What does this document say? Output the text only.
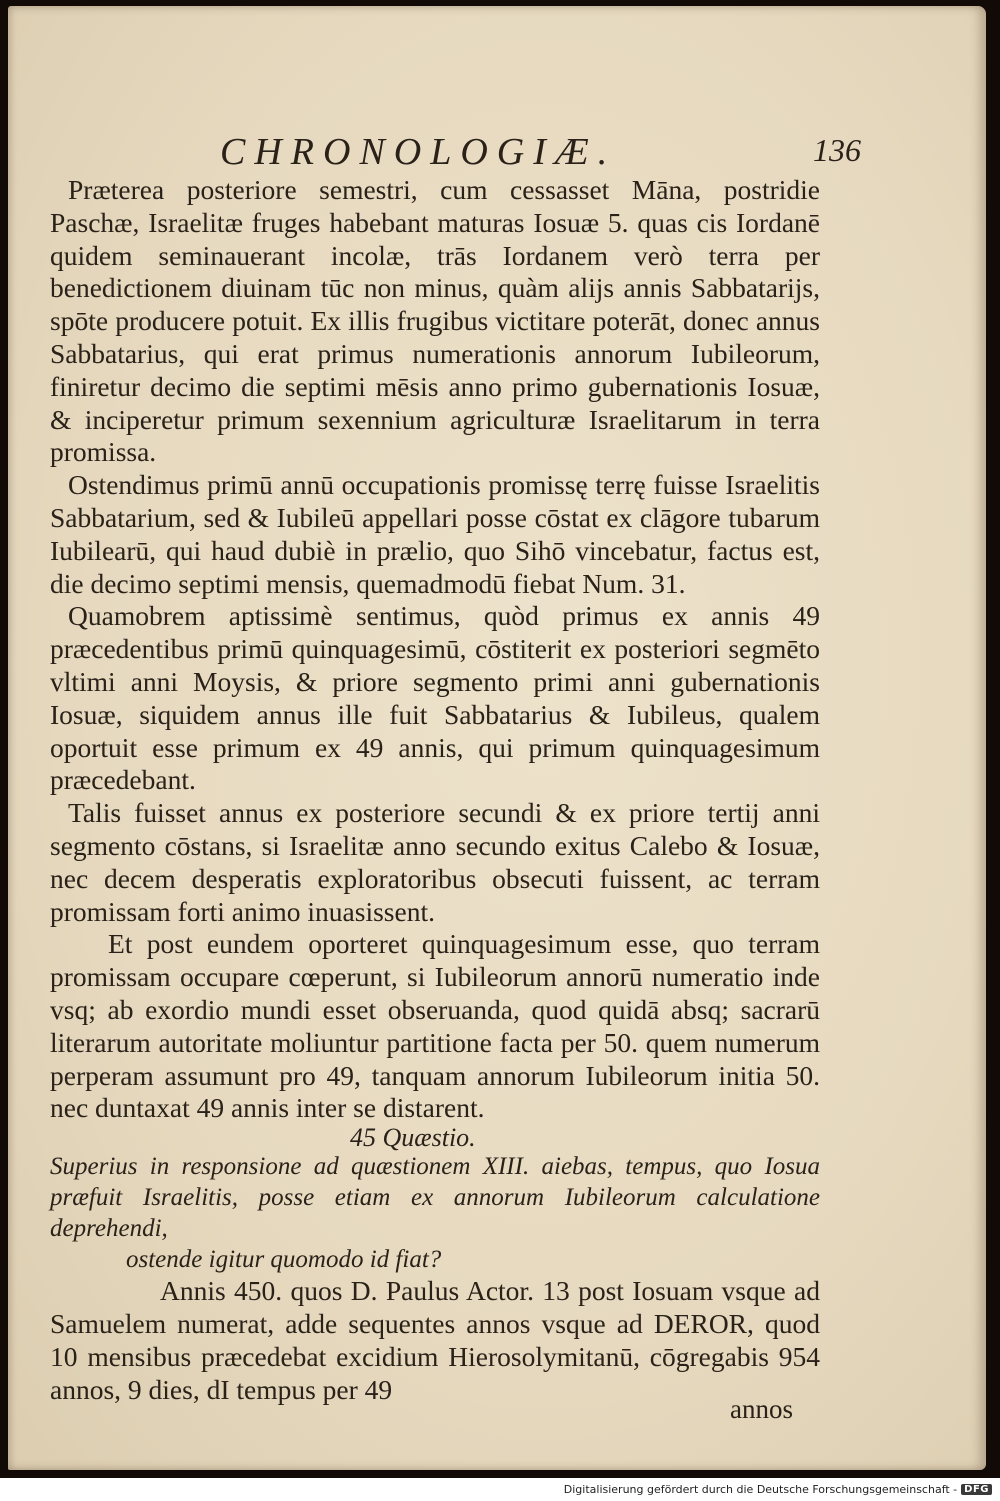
CHRONOLOGIÆ.	136

Præterea posteriore semestri, cum cessasset Māna, postridie Paschæ, Israelitæ fruges habebant maturas Iosuæ 5. quas cis Iordanē quidem seminauerant incolæ, trās Iordanem verò terra per benedictionem diuinam tūc non minus, quàm alijs annis Sabbatarijs, spōte producere potuit. Ex illis frugibus victitare poterāt, donec annus Sabbatarius, qui erat primus numerationis annorum Iubileorum, finiretur decimo die septimi mēsis anno primo gubernationis Iosuæ, & inciperetur primum sexennium agriculturæ Israelitarum in terra promissa.

Ostendimus primū annū occupationis promissę terrę fuisse Israelitis Sabbatarium, sed & Iubileū appellari posse cōstat ex clāgore tubarum Iubilearū, qui haud dubiè in prælio, quo Sihō vincebatur, factus est, die decimo septimi mensis, quemadmodū fiebat Num. 31.

Quamobrem aptissimè sentimus, quòd primus ex annis 49 præcedentibus primū quinquagesimū, cōstiterit ex posteriori segmēto vltimi anni Moysis, & priore segmento primi anni gubernationis Iosuæ, siquidem annus ille fuit Sabbatarius & Iubileus, qualem oportuit esse primum ex 49 annis, qui primum quinquagesimum præcedebant.

Talis fuisset annus ex posteriore secundi & ex priore tertij anni segmento cōstans, si Israelitæ anno secundo exitus Calebo & Iosuæ, nec decem desperatis exploratoribus obsecuti fuissent, ac terram promissam forti animo inuasissent.

Et post eundem oporteret quinquagesimum esse, quo terram promissam occupare cœperunt, si Iubileorum annorū numeratio inde vsq; ab exordio mundi esset obseruanda, quod quidā absq; sacrarū literarum autoritate moliuntur partitione facta per 50. quem numerum perperam assumunt pro 49, tanquam annorum Iubileorum initia 50. nec duntaxat 49 annis inter se distarent.

45 Quæstio.

Superius in responsione ad quæstionem XIII. aiebas, tempus, quo Iosua præfuit Israelitis, posse etiam ex annorum Iubileorum calculatione deprehendi,
ostende igitur quomodo id fiat?

Annis 450. quos D. Paulus Actor. 13 post Iosuam vsque ad Samuelem numerat, adde sequentes annos vsque ad DEROR, quod 10 mensibus præcedebat excidium Hierosolymitanū, cōgregabis 954 annos, 9 dies, dI tempus per 49

annos
Digitalisierung gefördert durch die Deutsche Forschungsgemeinschaft - DFG
